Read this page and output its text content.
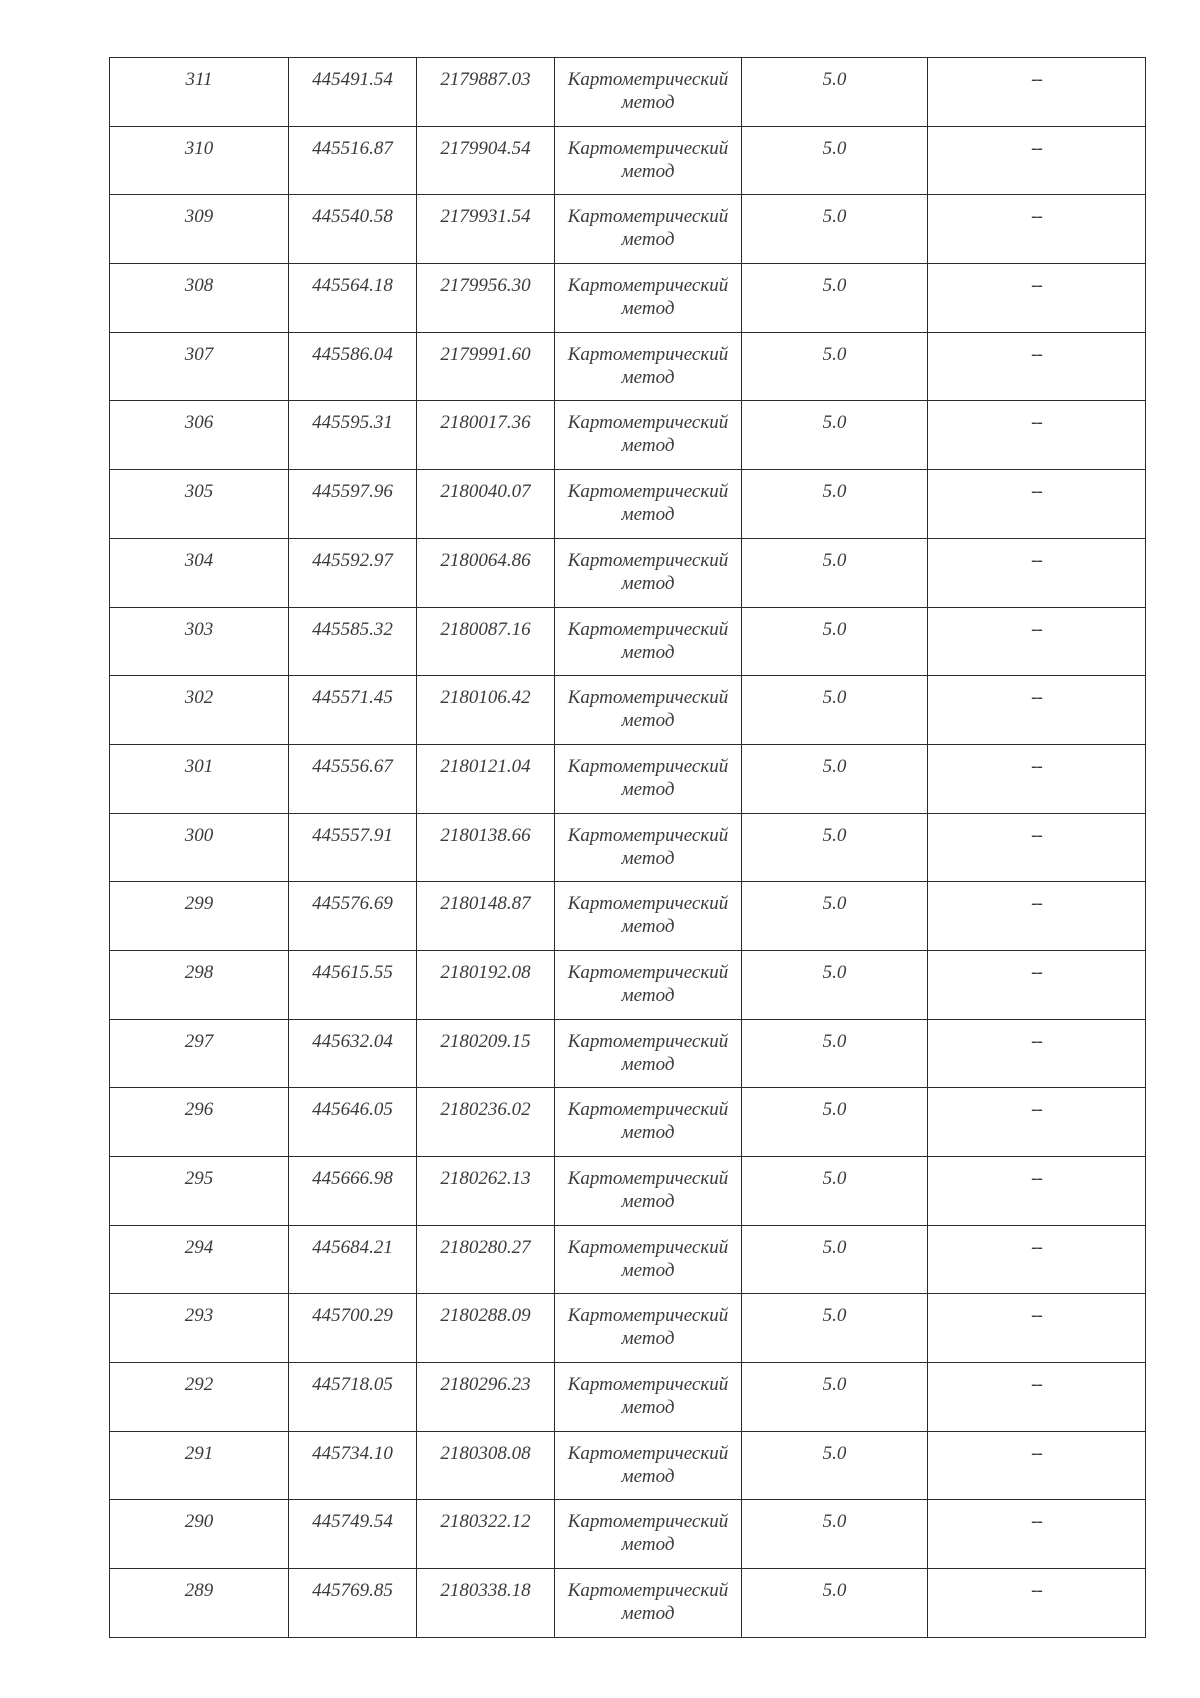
311	445491.54	2179887.03	Картометрический метод	5.0	--
310	445516.87	2179904.54	Картометрический метод	5.0	--
309	445540.58	2179931.54	Картометрический метод	5.0	--
308	445564.18	2179956.30	Картометрический метод	5.0	--
307	445586.04	2179991.60	Картометрический метод	5.0	--
306	445595.31	2180017.36	Картометрический метод	5.0	--
305	445597.96	2180040.07	Картометрический метод	5.0	--
304	445592.97	2180064.86	Картометрический метод	5.0	--
303	445585.32	2180087.16	Картометрический метод	5.0	--
302	445571.45	2180106.42	Картометрический метод	5.0	--
301	445556.67	2180121.04	Картометрический метод	5.0	--
300	445557.91	2180138.66	Картометрический метод	5.0	--
299	445576.69	2180148.87	Картометрический метод	5.0	--
298	445615.55	2180192.08	Картометрический метод	5.0	--
297	445632.04	2180209.15	Картометрический метод	5.0	--
296	445646.05	2180236.02	Картометрический метод	5.0	--
295	445666.98	2180262.13	Картометрический метод	5.0	--
294	445684.21	2180280.27	Картометрический метод	5.0	--
293	445700.29	2180288.09	Картометрический метод	5.0	--
292	445718.05	2180296.23	Картометрический метод	5.0	--
291	445734.10	2180308.08	Картометрический метод	5.0	--
290	445749.54	2180322.12	Картометрический метод	5.0	--
289	445769.85	2180338.18	Картометрический метод	5.0	--
